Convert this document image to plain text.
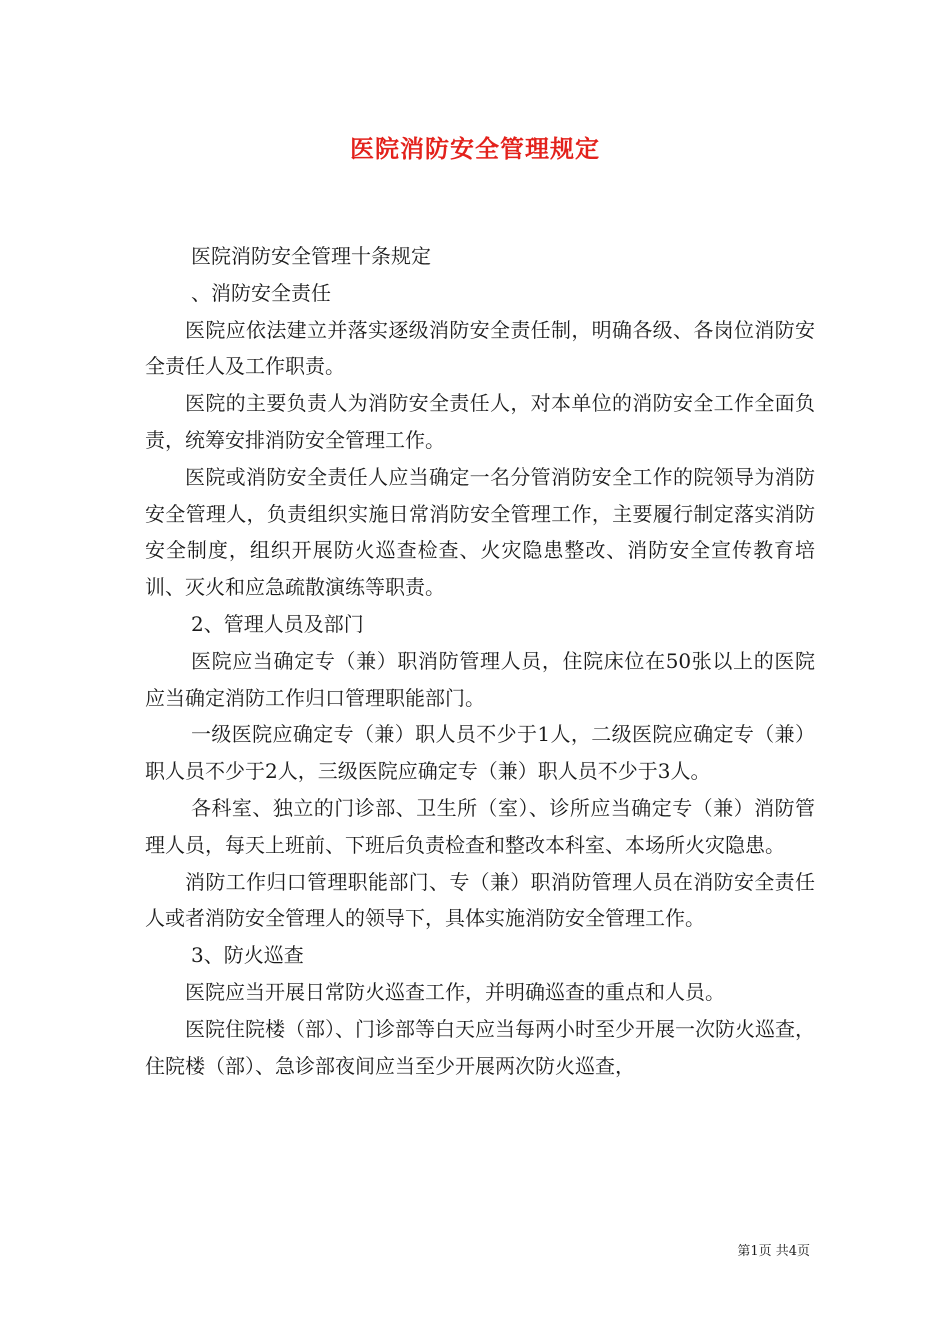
医院消防安全管理规定

医院消防安全管理十条规定

、消防安全责任

医院应依法建立并落实逐级消防安全责任制，明确各级、各岗位消防安全责任人及工作职责。

医院的主要负责人为消防安全责任人，对本单位的消防安全工作全面负责，统筹安排消防安全管理工作。

医院或消防安全责任人应当确定一名分管消防安全工作的院领导为消防安全管理人，负责组织实施日常消防安全管理工作，主要履行制定落实消防安全制度，组织开展防火巡查检查、火灾隐患整改、消防安全宣传教育培训、灭火和应急疏散演练等职责。

2、管理人员及部门

医院应当确定专（兼）职消防管理人员，住院床位在50张以上的医院应当确定消防工作归口管理职能部门。

一级医院应确定专（兼）职人员不少于1人，二级医院应确定专（兼）职人员不少于2人，三级医院应确定专（兼）职人员不少于3人。

各科室、独立的门诊部、卫生所（室）、诊所应当确定专（兼）消防管理人员，每天上班前、下班后负责检查和整改本科室、本场所火灾隐患。

消防工作归口管理职能部门、专（兼）职消防管理人员在消防安全责任人或者消防安全管理人的领导下，具体实施消防安全管理工作。

3、防火巡查

医院应当开展日常防火巡查工作，并明确巡查的重点和人员。

医院住院楼（部）、门诊部等白天应当每两小时至少开展一次防火巡查，住院楼（部）、急诊部夜间应当至少开展两次防火巡查，

第1页 共4页
